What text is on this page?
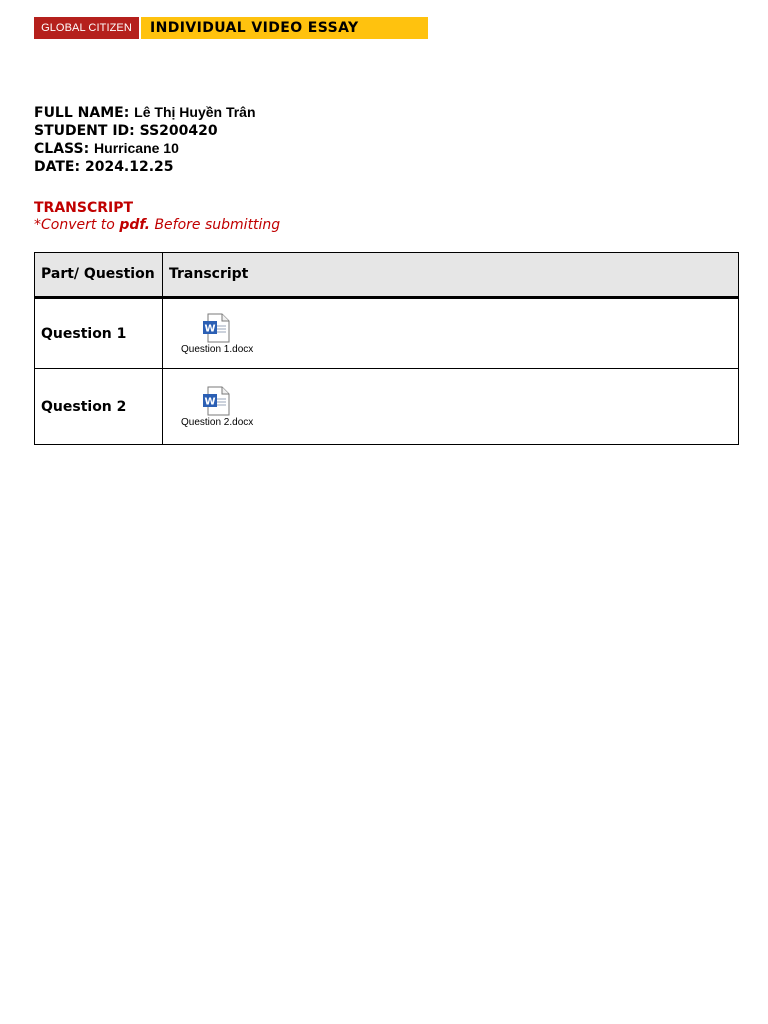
GLOBAL CITIZEN	INDIVIDUAL VIDEO ESSAY
FULL NAME: Lê Thị Huyền Trân
STUDENT ID: SS200420
CLASS: Hurricane 10
DATE: 2024.12.25
TRANSCRIPT
*Convert to pdf. Before submitting
Part/ Question	Transcript
Question 1	W
Question 1.docx

Question 2	W
Question 2.docx
